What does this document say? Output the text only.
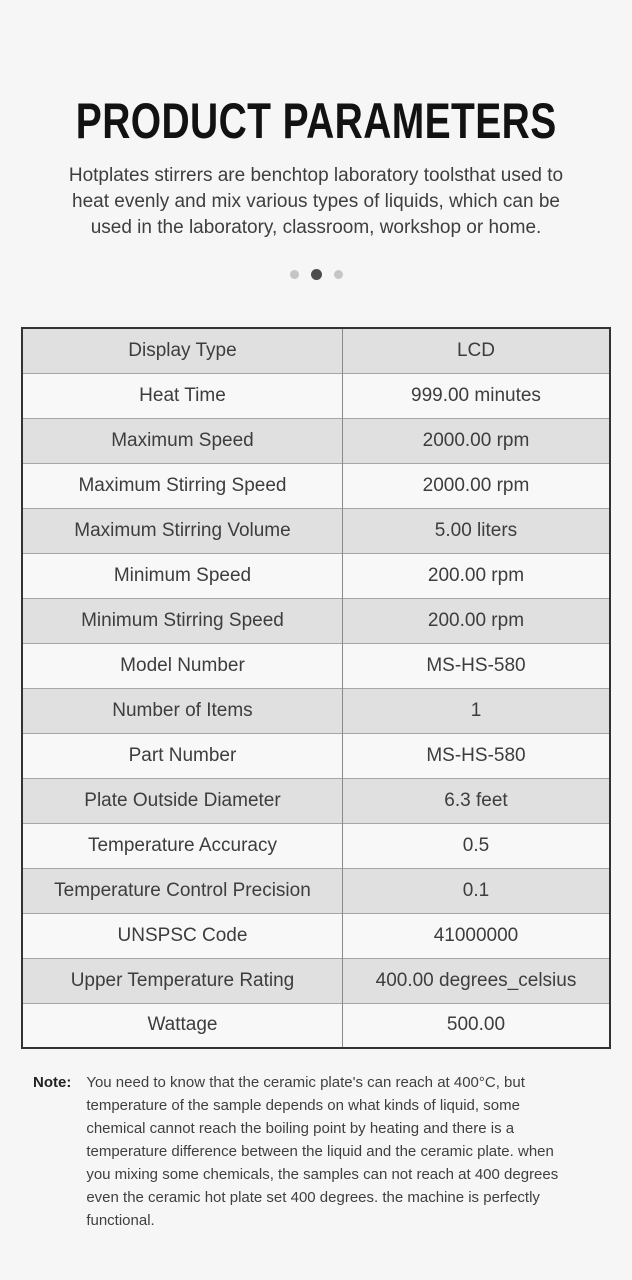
PRODUCT PARAMETERS

Hotplates stirrers are benchtop laboratory toolsthat used to heat evenly and mix various types of liquids, which can be used in the laboratory, classroom, workshop or home.

Display Type	LCD
Heat Time	999.00 minutes
Maximum Speed	2000.00 rpm
Maximum Stirring Speed	2000.00 rpm
Maximum Stirring Volume	5.00 liters
Minimum Speed	200.00 rpm
Minimum Stirring Speed	200.00 rpm
Model Number	MS-HS-580
Number of Items	1
Part Number	MS-HS-580
Plate Outside Diameter	6.3 feet
Temperature Accuracy	0.5
Temperature Control Precision	0.1
UNSPSC Code	41000000
Upper Temperature Rating	400.00 degrees_celsius
Wattage	500.00
Note: You need to know that the ceramic plate's can reach at 400°C, but temperature of the sample depends on what kinds of liquid, some chemical cannot reach the boiling point by heating and there is a temperature difference between the liquid and the ceramic plate. when you mixing some chemicals, the samples can not reach at 400 degrees even the ceramic hot plate set 400 degrees. the machine is perfectly functional.
